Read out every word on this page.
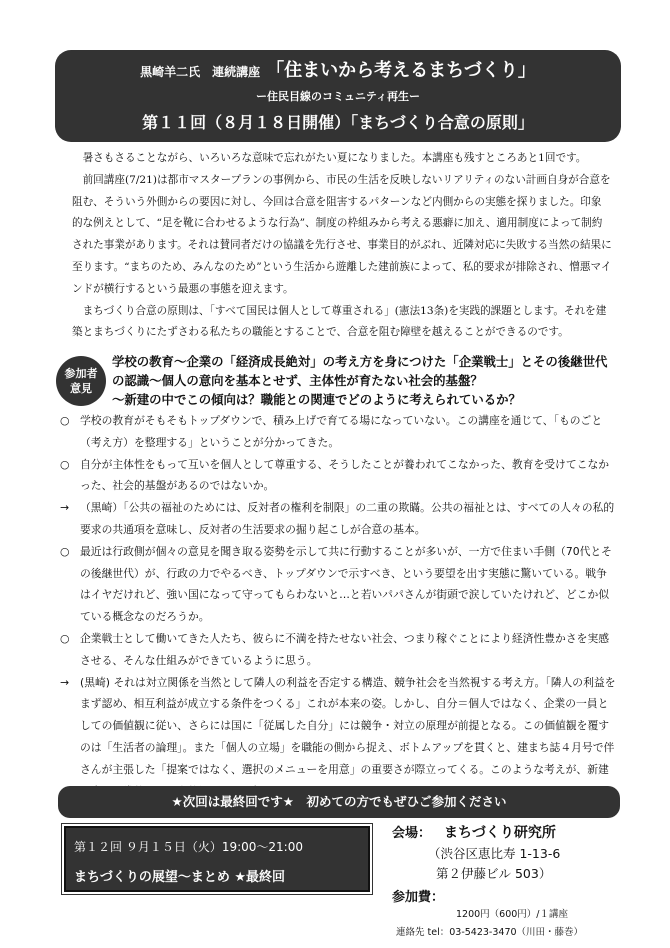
黒崎羊二氏　連続講座 「住まいから考えるまちづくり」
ー住民目線のコミュニティ再生ー
第１１回（８月１８日開催）「まちづくり合意の原則」

暑さもさることながら、いろいろな意味で忘れがたい夏になりました。本講座も残すところあと1回です。

前回講座(7/21)は都市マスタープランの事例から、市民の生活を反映しないリアリティのない計画自身が合意を阻む、そういう外側からの要因に対し、今回は合意を阻害するパターンなど内側からの実態を探りました。印象的な例えとして、“足を靴に合わせるような行為”、制度の枠組みから考える悪癖に加え、適用制度によって制約された事業があります。それは賛同者だけの協議を先行させ、事業目的がぶれ、近隣対応に失敗する当然の結果に至ります。“まちのため、みんなのため”という生活から遊離した建前族によって、私的要求が排除され、憎悪マインドが横行するという最悪の事態を迎えます。

まちづくり合意の原則は、「すべて国民は個人として尊重される」(憲法13条)を実践的課題とします。それを建築とまちづくりにたずさわる私たちの職能とすることで、合意を阻む障壁を越えることができるのです。

参加者
意見
学校の教育～企業の「経済成長絶対」の考え方を身につけた「企業戦士」とその後継世代の認識～個人の意向を基本とせず、主体性が育たない社会的基盤？
～新建の中でこの傾向は？職能との関連でどのように考えられているか？
○ 学校の教育がそもそもトップダウンで、積み上げで育てる場になっていない。この講座を通じて、「ものごと（考え方）を整理する」ということが分かってきた。
○ 自分が主体性をもって互いを個人として尊重する、そうしたことが養われてこなかった、教育を受けてこなかった、社会的基盤があるのではないか。
→	（黒崎）「公共の福祉のためには、反対者の権利を制限」の二重の欺瞞。公共の福祉とは、すべての人々の私的要求の共通項を意味し、反対者の生活要求の掘り起こしが合意の基本。
○ 最近は行政側が個々の意見を聞き取る姿勢を示して共に行動することが多いが、一方で住まい手側（70代とその後継世代）が、行政の力でやるべき、トップダウンで示すべき、という要望を出す実態に驚いている。戦争はイヤだけれど、強い国になって守ってもらわないと…と若いパパさんが街頭で涙していたけれど、どこか似ている概念なのだろうか。
○ 企業戦士として働いてきた人たち、彼らに不満を持たせない社会、つまり稼ぐことにより経済性豊かさを実感させる、そんな仕組みができているように思う。
→	(黒崎) それは対立関係を当然として隣人の利益を否定する構造、競争社会を当然視する考え方。「隣人の利益をまず認め、相互利益が成立する条件をつくる」これが本来の姿。しかし、自分＝個人ではなく、企業の一員としての価値観に従い、さらには国に「従属した自分」には競争・対立の原理が前提となる。この価値観を覆すのは「生活者の論理」。また「個人の立場」を職能の側から捉え、ボトムアップを貫くと、建まち誌４月号で伴さんが主張した「提案ではなく、選択のメニューを用意」の重要さが際立ってくる。このような考えが、新建
★次回は最終回です★　初めての方でもぜひご参加ください
第１２回 ９月１５日（火）19:00～21:00
まちづくりの展望～まとめ ★最終回
会場： まちづくり研究所
（渋谷区恵比寿 1-13-6
第２伊藤ビル 503）
参加費：
1200円（600円）/１講座
連絡先 tel：03-5423-3470（川田・藤巻）
